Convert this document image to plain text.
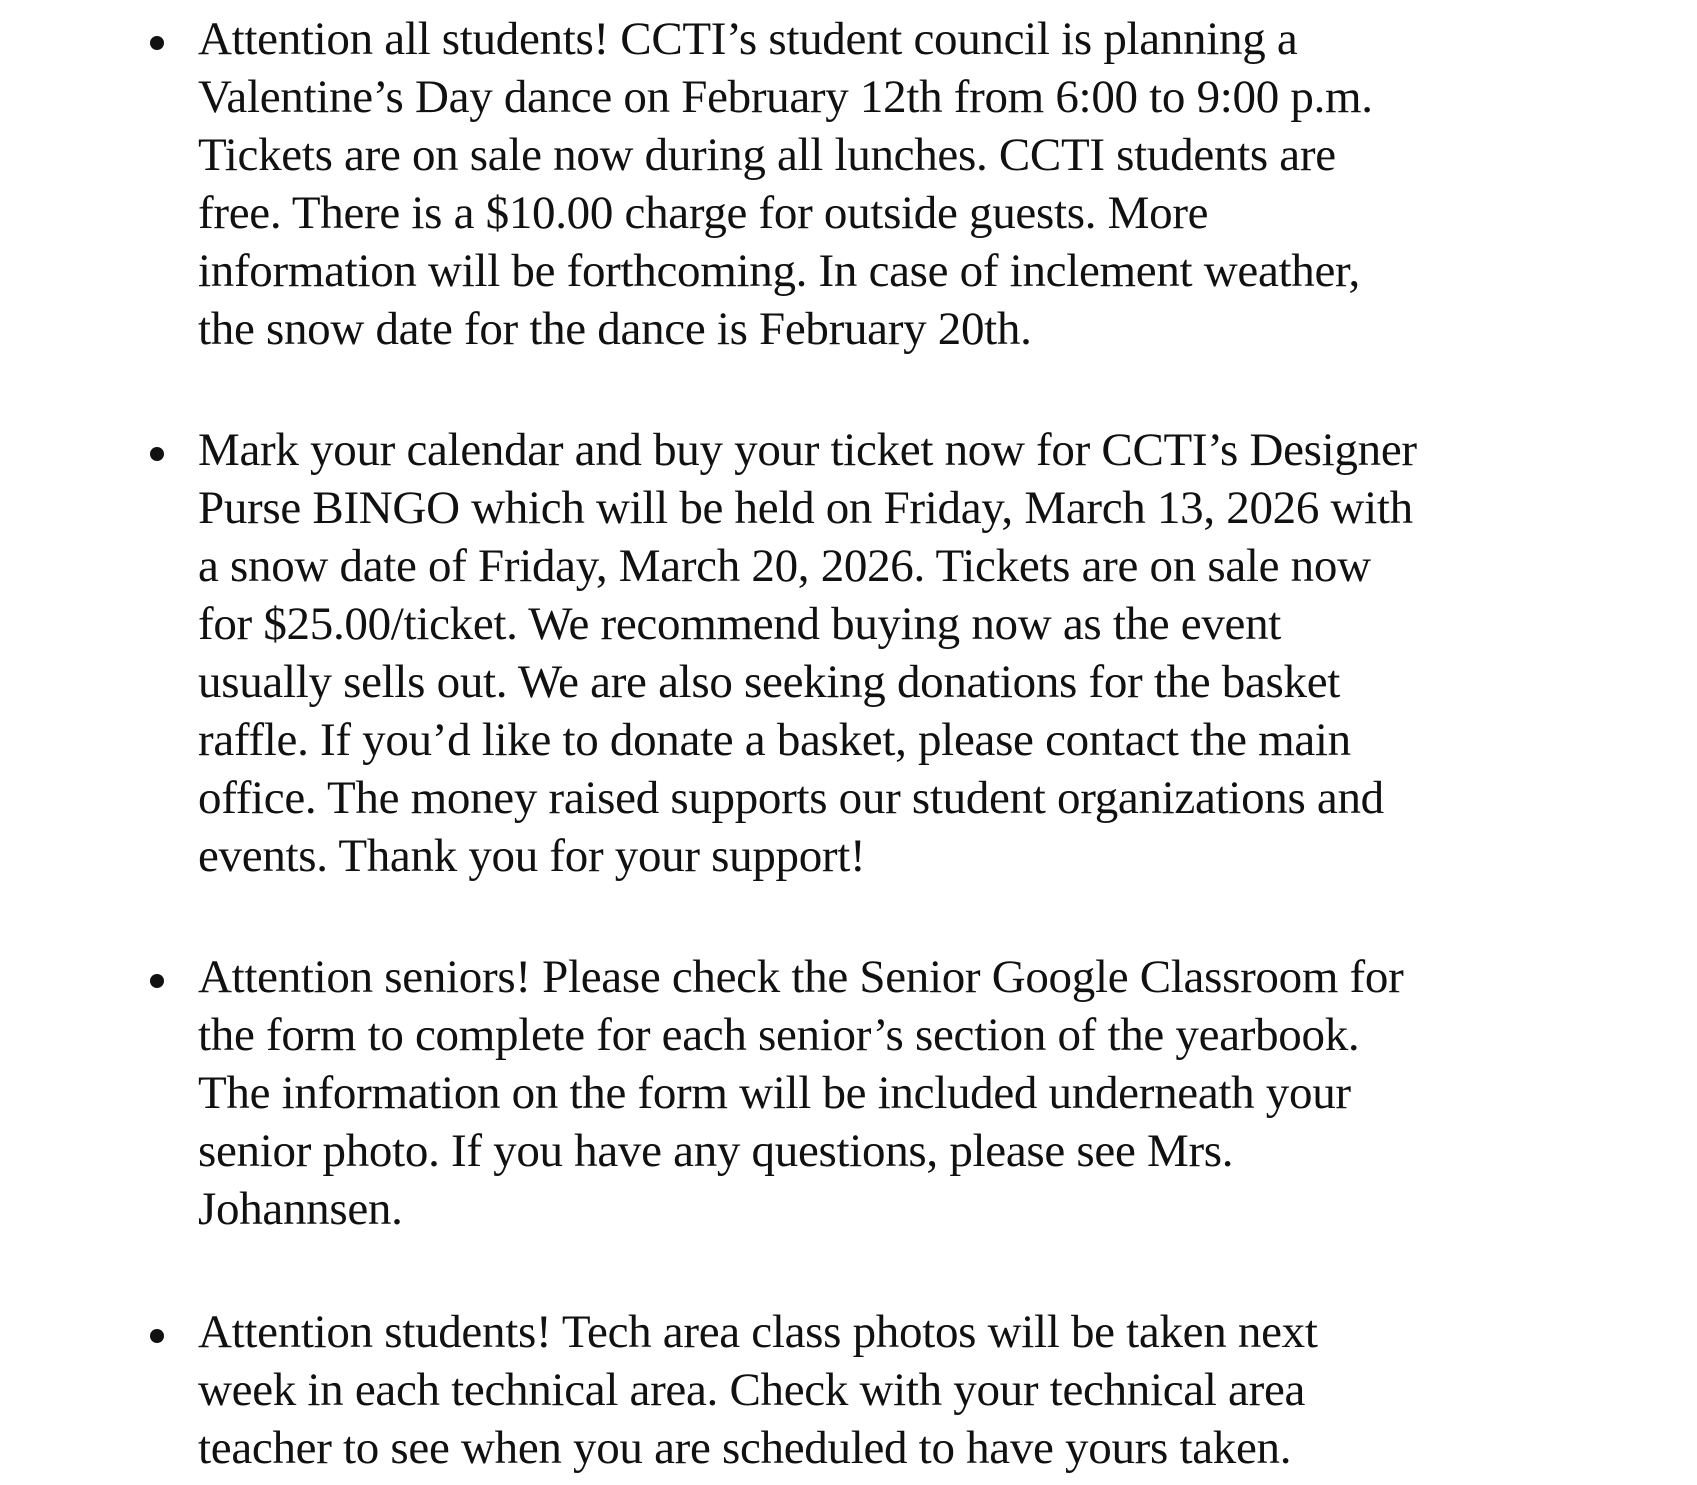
Attention all students! CCTI’s student council is planning a
Valentine’s Day dance on February 12th from 6:00 to 9:00 p.m.
Tickets are on sale now during all lunches. CCTI students are
free. There is a $10.00 charge for outside guests. More
information will be forthcoming. In case of inclement weather,
the snow date for the dance is February 20th.
Mark your calendar and buy your ticket now for CCTI’s Designer
Purse BINGO which will be held on Friday, March 13, 2026 with
a snow date of Friday, March 20, 2026. Tickets are on sale now
for $25.00/ticket. We recommend buying now as the event
usually sells out. We are also seeking donations for the basket
raffle. If you’d like to donate a basket, please contact the main
office. The money raised supports our student organizations and
events. Thank you for your support!
Attention seniors! Please check the Senior Google Classroom for
the form to complete for each senior’s section of the yearbook.
The information on the form will be included underneath your
senior photo. If you have any questions, please see Mrs.
Johannsen.
Attention students! Tech area class photos will be taken next
week in each technical area. Check with your technical area
teacher to see when you are scheduled to have yours taken.
